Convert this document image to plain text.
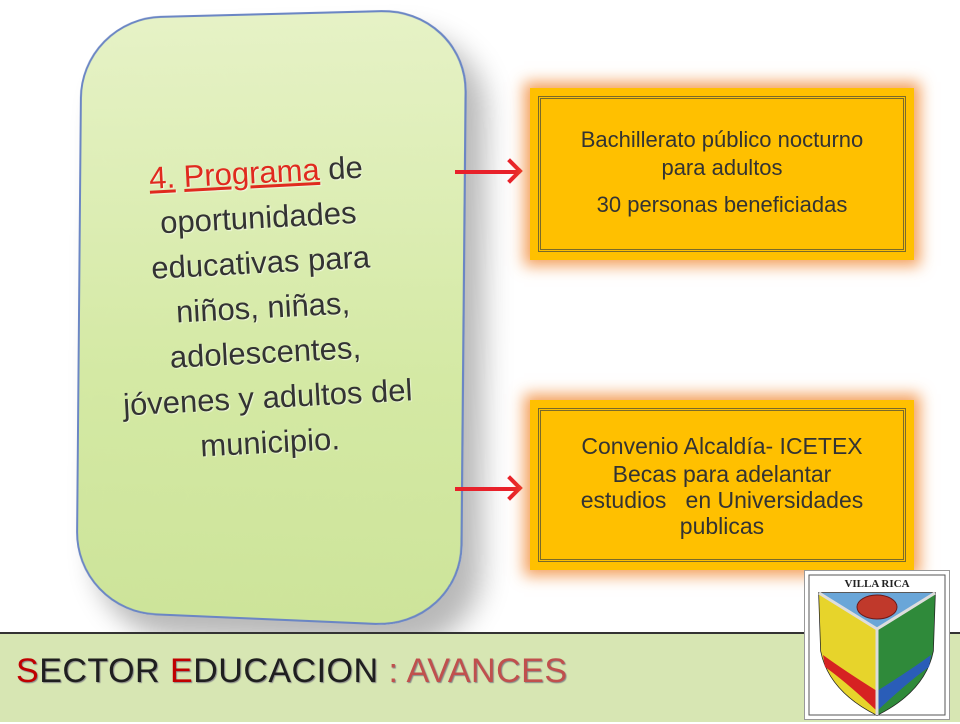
4. Programa de
oportunidades
educativas para
niños, niñas,
adolescentes,
jóvenes y adultos del
municipio.
Bachillerato público nocturno
para adultos
30 personas beneficiadas
Convenio Alcaldía- ICETEX
Becas para adelantar
estudios   en Universidades
publicas
SECTOR EDUCACION : AVANCES
VILLA RICA
